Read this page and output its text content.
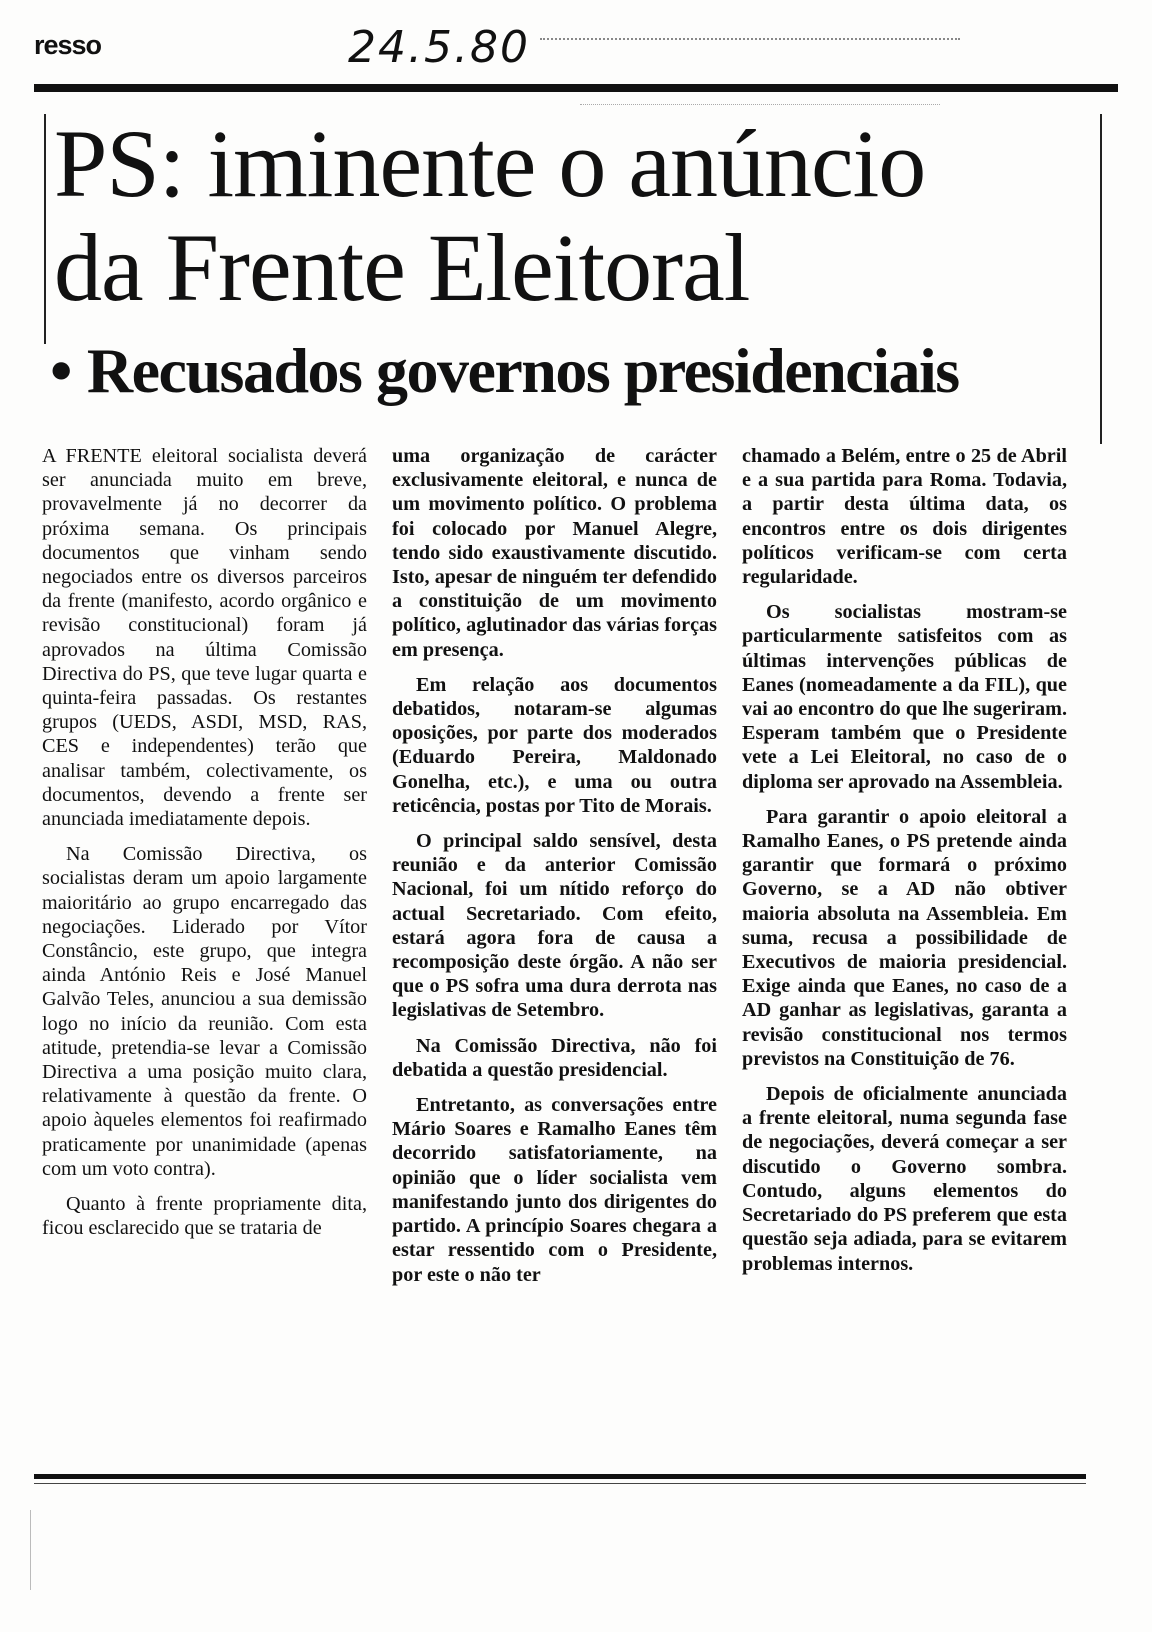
resso	24.5.80
PS: iminente o anúncio
da Frente Eleitoral
• Recusados governos presidenciais

A FRENTE eleitoral socialista deverá ser anunciada muito em breve, provavelmente já no decorrer da próxima semana. Os principais documentos que vinham sendo negociados entre os diversos parceiros da frente (manifesto, acordo orgânico e revisão constitucional) foram já aprovados na última Comissão Directiva do PS, que teve lugar quarta e quinta-feira passadas. Os restantes grupos (UEDS, ASDI, MSD, RAS, CES e independentes) terão que analisar também, colectivamente, os documentos, devendo a frente ser anunciada imediatamente depois.

Na Comissão Directiva, os socialistas deram um apoio largamente maioritário ao grupo encarregado das negociações. Liderado por Vítor Constâncio, este grupo, que integra ainda António Reis e José Manuel Galvão Teles, anunciou a sua demissão logo no início da reunião. Com esta atitude, pretendia-se levar a Comissão Directiva a uma posição muito clara, relativamente à questão da frente. O apoio àqueles elementos foi reafirmado praticamente por unanimidade (apenas com um voto contra).

Quanto à frente propriamente dita, ficou esclarecido que se trataria de

uma organização de carácter exclusivamente eleitoral, e nunca de um movimento político. O problema foi colocado por Manuel Alegre, tendo sido exaustivamente discutido. Isto, apesar de ninguém ter defendido a constituição de um movimento político, aglutinador das várias forças em presença.

Em relação aos documentos debatidos, notaram-se algumas oposições, por parte dos moderados (Eduardo Pereira, Maldonado Gonelha, etc.), e uma ou outra reticência, postas por Tito de Morais.

O principal saldo sensível, desta reunião e da anterior Comissão Nacional, foi um nítido reforço do actual Secretariado. Com efeito, estará agora fora de causa a recomposição deste órgão. A não ser que o PS sofra uma dura derrota nas legislativas de Setembro.

Na Comissão Directiva, não foi debatida a questão presidencial.

Entretanto, as conversações entre Mário Soares e Ramalho Eanes têm decorrido satisfatoriamente, na opinião que o líder socialista vem manifestando junto dos dirigentes do partido. A princípio Soares chegara a estar ressentido com o Presidente, por este o não ter

chamado a Belém, entre o 25 de Abril e a sua partida para Roma. Todavia, a partir desta última data, os encontros entre os dois dirigentes políticos verificam-se com certa regularidade.

Os socialistas mostram-se particularmente satisfeitos com as últimas intervenções públicas de Eanes (nomeadamente a da FIL), que vai ao encontro do que lhe sugeriram. Esperam também que o Presidente vete a Lei Eleitoral, no caso de o diploma ser aprovado na Assembleia.

Para garantir o apoio eleitoral a Ramalho Eanes, o PS pretende ainda garantir que formará o próximo Governo, se a AD não obtiver maioria absoluta na Assembleia. Em suma, recusa a possibilidade de Executivos de maioria presidencial. Exige ainda que Eanes, no caso de a AD ganhar as legislativas, garanta a revisão constitucional nos termos previstos na Constituição de 76.

Depois de oficialmente anunciada a frente eleitoral, numa segunda fase de negociações, deverá começar a ser discutido o Governo sombra. Contudo, alguns elementos do Secretariado do PS preferem que esta questão seja adiada, para se evitarem problemas internos.
